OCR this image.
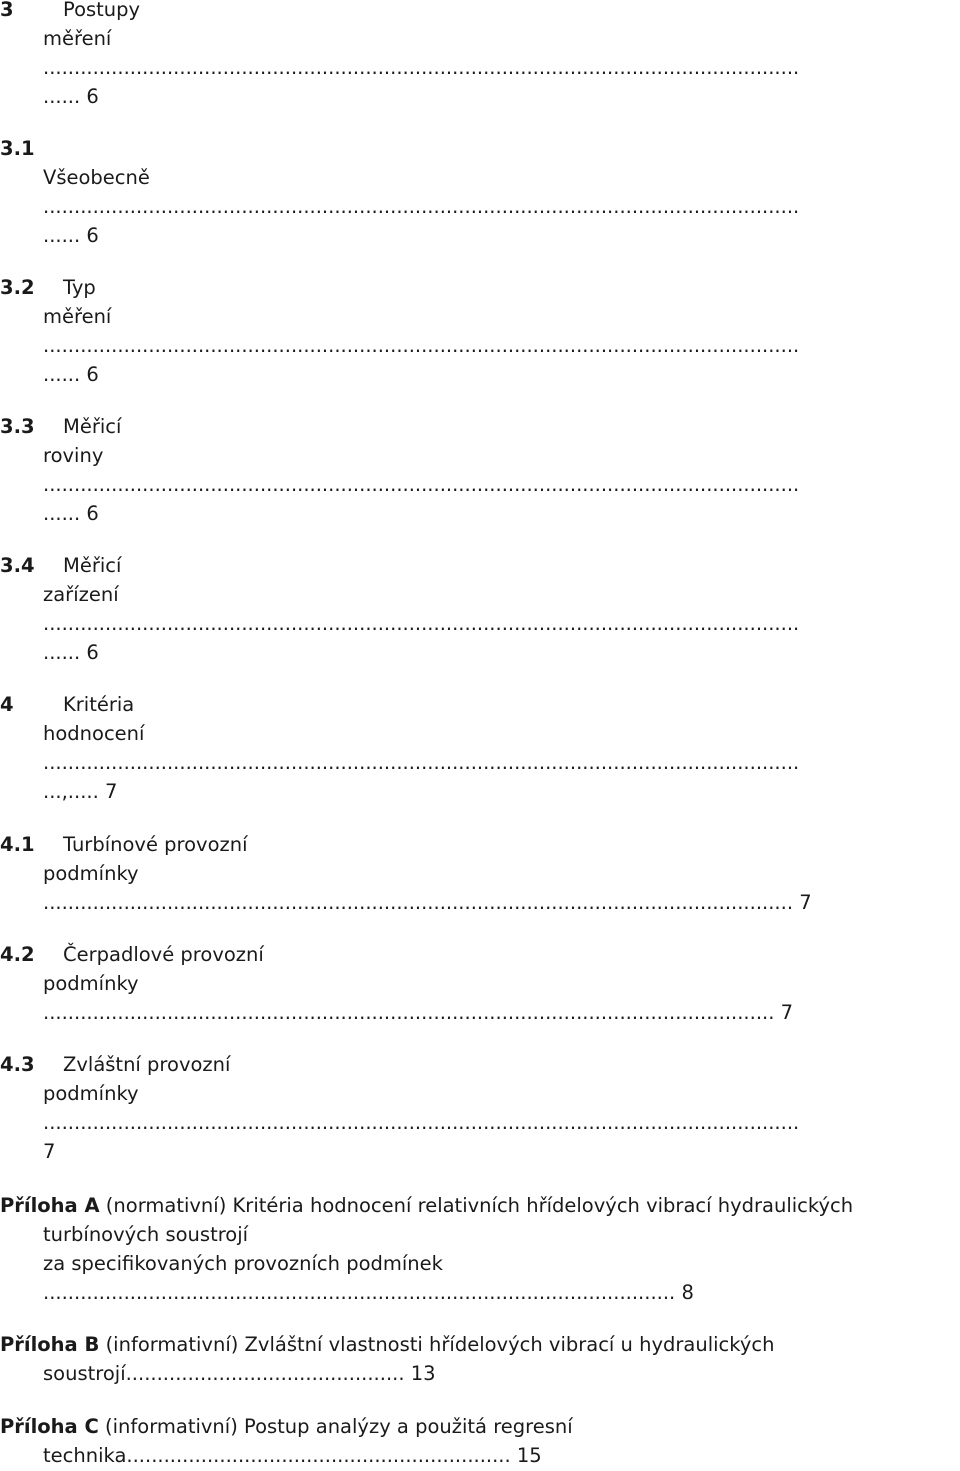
3	Postupy
měření
..........................................................................................................................
...... 6
3.1
Všeobecně
..........................................................................................................................
...... 6
3.2 Typ
měření
..........................................................................................................................
...... 6
3.3 Měřicí
roviny
..........................................................................................................................
...... 6
3.4 Měřicí
zařízení
..........................................................................................................................
...... 6
4	Kritéria
hodnocení
..........................................................................................................................
...,..... 7
4.1 Turbínové provozní
podmínky
......................................................................................................................... 7
4.2 Čerpadlové provozní
podmínky
...................................................................................................................... 7
4.3 Zvláštní provozní
podmínky
..........................................................................................................................
7
Příloha A (normativní) Kritéria hodnocení relativních hřídelových vibrací hydraulických
turbínových soustrojí
za specifikovaných provozních podmínek
...................................................................................................... 8
Příloha B (informativní) Zvláštní vlastnosti hřídelových vibrací u hydraulických
soustrojí............................................. 13
Příloha C (informativní) Postup analýzy a použitá regresní
technika.............................................................. 15
